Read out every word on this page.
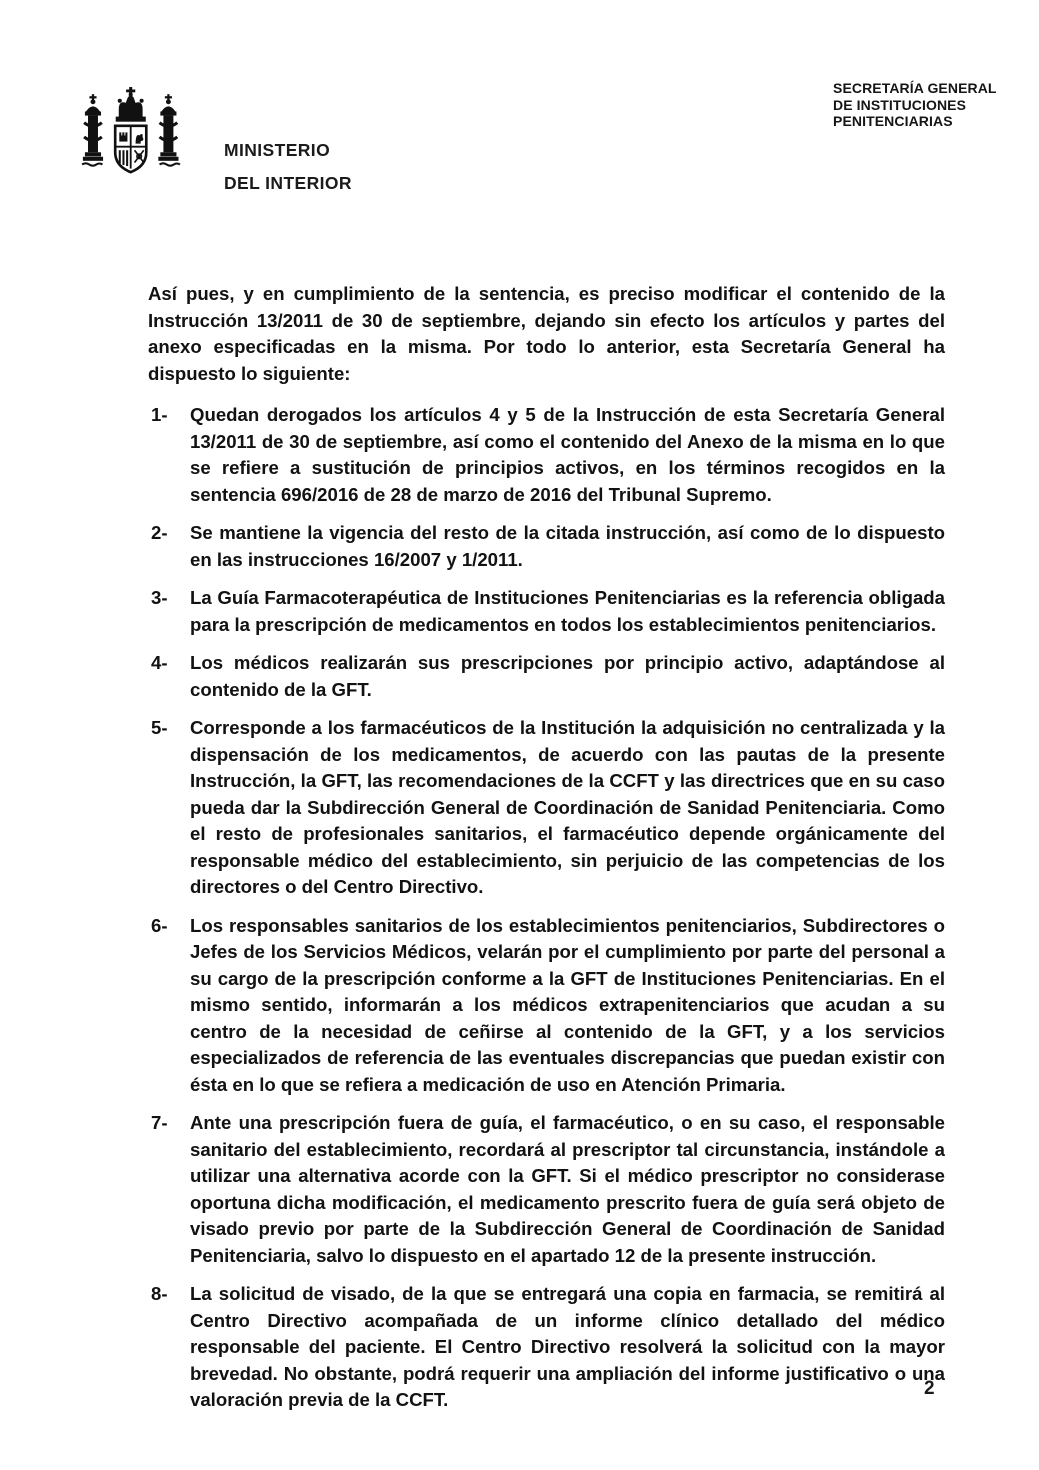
MINISTERIO
DEL INTERIOR
SECRETARÍA GENERAL
DE INSTITUCIONES
PENITENCIARIAS

Así pues, y en cumplimiento de la sentencia, es preciso modificar el contenido de la Instrucción 13/2011 de 30 de septiembre, dejando sin efecto los artículos y partes del anexo especificadas en la misma. Por todo lo anterior, esta Secretaría General ha dispuesto lo siguiente:

1- Quedan derogados los artículos 4 y 5 de la Instrucción de esta Secretaría General 13/2011 de 30 de septiembre, así como el contenido del Anexo de la misma en lo que se refiere a sustitución de principios activos, en los términos recogidos en la sentencia 696/2016 de 28 de marzo de 2016 del Tribunal Supremo.
2- Se mantiene la vigencia del resto de la citada instrucción, así como de lo dispuesto en las instrucciones 16/2007 y 1/2011.
3- La Guía Farmacoterapéutica de Instituciones Penitenciarias es la referencia obligada para la prescripción de medicamentos en todos los establecimientos penitenciarios.
4- Los médicos realizarán sus prescripciones por principio activo, adaptándose al contenido de la GFT.
5- Corresponde a los farmacéuticos de la Institución la adquisición no centralizada y la dispensación de los medicamentos, de acuerdo con las pautas de la presente Instrucción, la GFT, las recomendaciones de la CCFT y las directrices que en su caso pueda dar la Subdirección General de Coordinación de Sanidad Penitenciaria. Como el resto de profesionales sanitarios, el farmacéutico depende orgánicamente del responsable médico del establecimiento, sin perjuicio de las competencias de los directores o del Centro Directivo.
6- Los responsables sanitarios de los establecimientos penitenciarios, Subdirectores o Jefes de los Servicios Médicos, velarán por el cumplimiento por parte del personal a su cargo de la prescripción conforme a la GFT de Instituciones Penitenciarias. En el mismo sentido, informarán a los médicos extrapenitenciarios que acudan a su centro de la necesidad de ceñirse al contenido de la GFT, y a los servicios especializados de referencia de las eventuales discrepancias que puedan existir con ésta en lo que se refiera a medicación de uso en Atención Primaria.
7- Ante una prescripción fuera de guía, el farmacéutico, o en su caso, el responsable sanitario del establecimiento, recordará al prescriptor tal circunstancia, instándole a utilizar una alternativa acorde con la GFT. Si el médico prescriptor no considerase oportuna dicha modificación, el medicamento prescrito fuera de guía será objeto de visado previo por parte de la Subdirección General de Coordinación de Sanidad Penitenciaria, salvo lo dispuesto en el apartado 12 de la presente instrucción.
8- La solicitud de visado, de la que se entregará una copia en farmacia, se remitirá al Centro Directivo acompañada de un informe clínico detallado del médico responsable del paciente. El Centro Directivo resolverá la solicitud con la mayor brevedad. No obstante, podrá requerir una ampliación del informe justificativo o una valoración previa de la CCFT.
2
